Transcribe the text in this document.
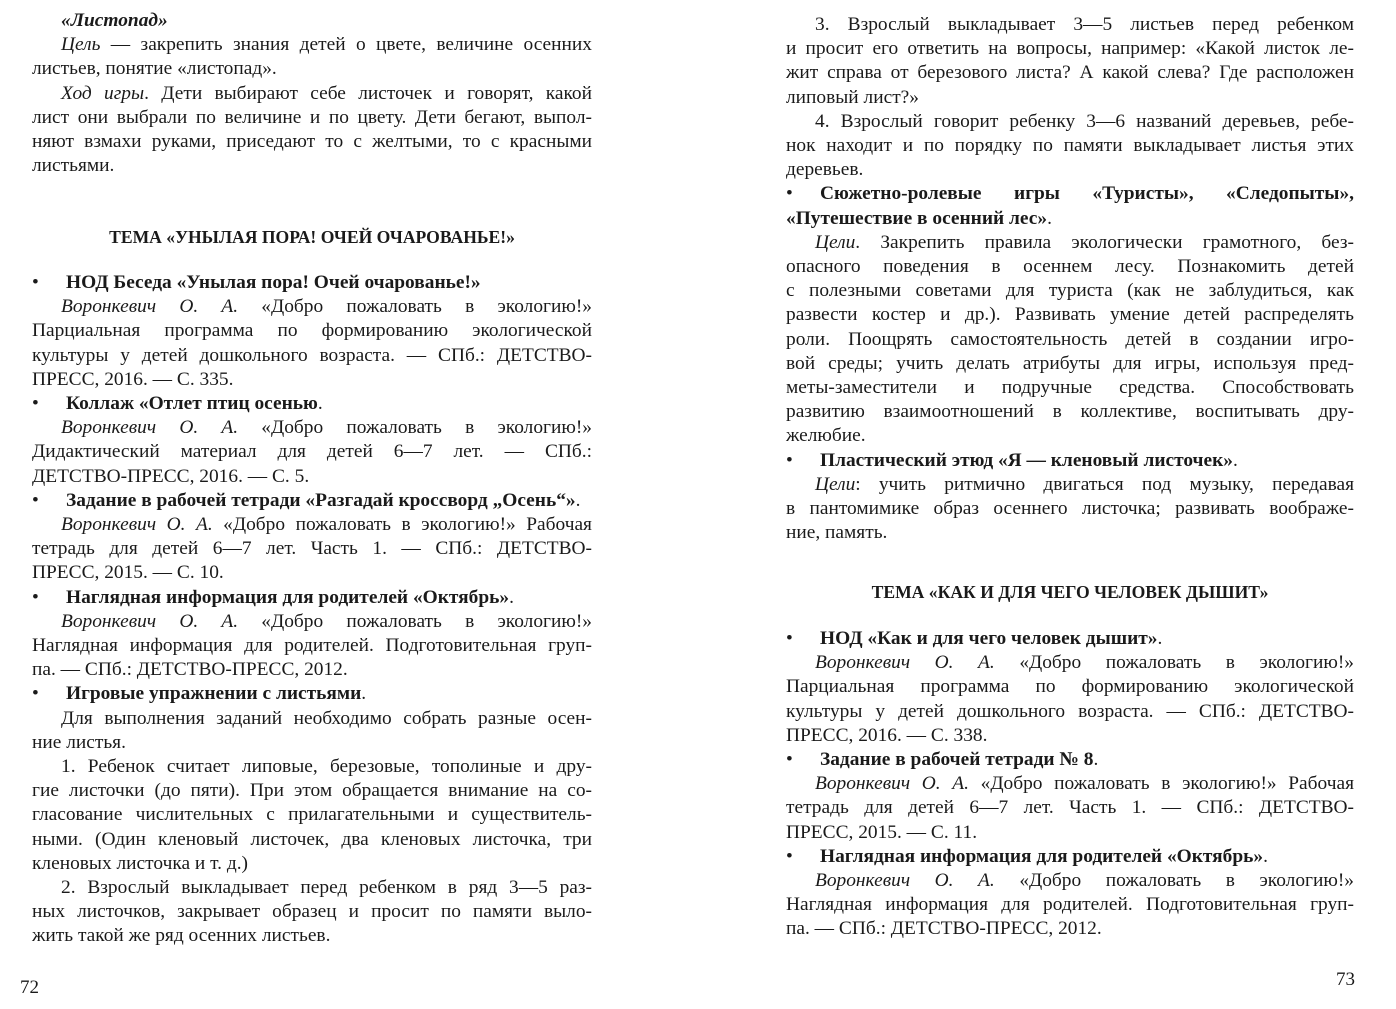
«Листопад»
Цель — закрепить знания детей о цвете, величине осенних
листьев, понятие «листопад».
Ход игры. Дети выбирают себе листочек и говорят, какой
лист они выбрали по величине и по цвету. Дети бегают, выпол-
няют взмахи руками, приседают то с желтыми, то с красными
листьями.
ТЕМА «УНЫЛАЯ ПОРА! ОЧЕЙ ОЧАРОВАНЬЕ!»
• НОД Беседа «Унылая пора! Очей очарованье!»
Воронкевич О. А. «Добро пожаловать в экологию!»
Парциальная программа по формированию экологической
культуры у детей дошкольного возраста. — СПб.: ДЕТСТВО-
ПРЕСС, 2016. — С. 335.
• Коллаж «Отлет птиц осенью.
Воронкевич О. А. «Добро пожаловать в экологию!»
Дидактический материал для детей 6—7 лет. — СПб.:
ДЕТСТВО-ПРЕСС, 2016. — С. 5.
• Задание в рабочей тетради «Разгадай кроссворд „Осень“».
Воронкевич О. А. «Добро пожаловать в экологию!» Рабочая
тетрадь для детей 6—7 лет. Часть 1. — СПб.: ДЕТСТВО-
ПРЕСС, 2015. — С. 10.
• Наглядная информация для родителей «Октябрь».
Воронкевич О. А. «Добро пожаловать в экологию!»
Наглядная информация для родителей. Подготовительная груп-
па. — СПб.: ДЕТСТВО-ПРЕСС, 2012.
• Игровые упражнении с листьями.
Для выполнения заданий необходимо собрать разные осен-
ние листья.
1. Ребенок считает липовые, березовые, тополиные и дру-
гие листочки (до пяти). При этом обращается внимание на со-
гласование числительных с прилагательными и существитель-
ными. (Один кленовый листочек, два кленовых листочка, три
кленовых листочка и т. д.)
2. Взрослый выкладывает перед ребенком в ряд 3—5 раз-
ных листочков, закрывает образец и просит по памяти выло-
жить такой же ряд осенних листьев.
72
3. Взрослый выкладывает 3—5 листьев перед ребенком
и просит его ответить на вопросы, например: «Какой листок ле-
жит справа от березового листа? А какой слева? Где расположен
липовый лист?»
4. Взрослый говорит ребенку 3—6 названий деревьев, ребе-
нок находит и по порядку по памяти выкладывает листья этих
деревьев.
• Сюжетно-ролевые игры «Туристы», «Следопыты»,
«Путешествие в осенний лес».
Цели. Закрепить правила экологически грамотного, без-
опасного поведения в осеннем лесу. Познакомить детей
с полезными советами для туриста (как не заблудиться, как
развести костер и др.). Развивать умение детей распределять
роли. Поощрять самостоятельность детей в создании игро-
вой среды; учить делать атрибуты для игры, используя пред-
меты-заместители и подручные средства. Способствовать
развитию взаимоотношений в коллективе, воспитывать дру-
желюбие.
• Пластический этюд «Я — кленовый листочек».
Цели: учить ритмично двигаться под музыку, передавая
в пантомимике образ осеннего листочка; развивать воображе-
ние, память.
ТЕМА «КАК И ДЛЯ ЧЕГО ЧЕЛОВЕК ДЫШИТ»
• НОД «Как и для чего человек дышит».
Воронкевич О. А. «Добро пожаловать в экологию!»
Парциальная программа по формированию экологической
культуры у детей дошкольного возраста. — СПб.: ДЕТСТВО-
ПРЕСС, 2016. — С. 338.
• Задание в рабочей тетради № 8.
Воронкевич О. А. «Добро пожаловать в экологию!» Рабочая
тетрадь для детей 6—7 лет. Часть 1. — СПб.: ДЕТСТВО-
ПРЕСС, 2015. — С. 11.
• Наглядная информация для родителей «Октябрь».
Воронкевич О. А. «Добро пожаловать в экологию!»
Наглядная информация для родителей. Подготовительная груп-
па. — СПб.: ДЕТСТВО-ПРЕСС, 2012.
73
